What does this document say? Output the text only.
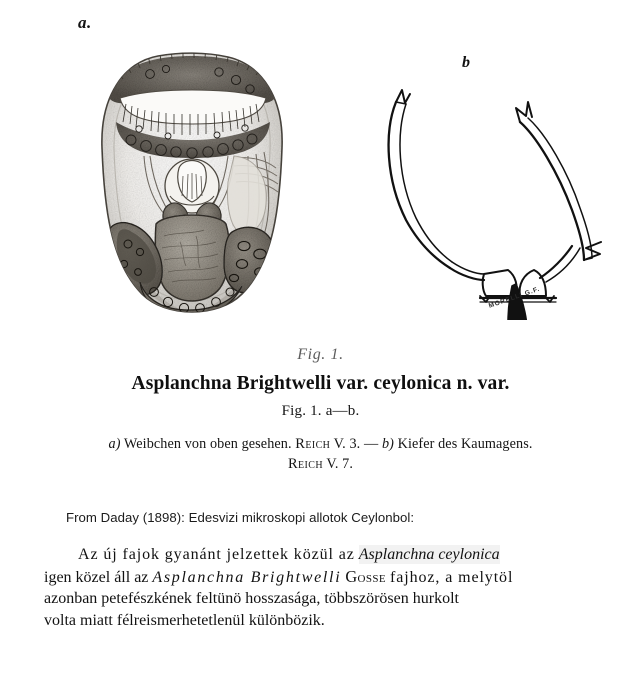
a.
b
MORELLI G.F.
Fig. 1.
Asplanchna Brightwelli var. ceylonica n. var.
Fig. 1. a—b.
a) Weibchen von oben gesehen. Reich V. 3. — b) Kiefer des Kaumagens.
Reich V. 7.
From Daday (1898): Edesvizi mikroskopi allotok Ceylonbol:
Az új fajok gyanánt jelzettek közül az Asplanchna ceylonica
igen közel áll az Asplanchna Brightwelli Gosse fajhoz, a melytöl
azonban petefészkének feltünö hosszasága, többszörösen hurkolt
volta miatt félreismerhetetlenül különbözik.
